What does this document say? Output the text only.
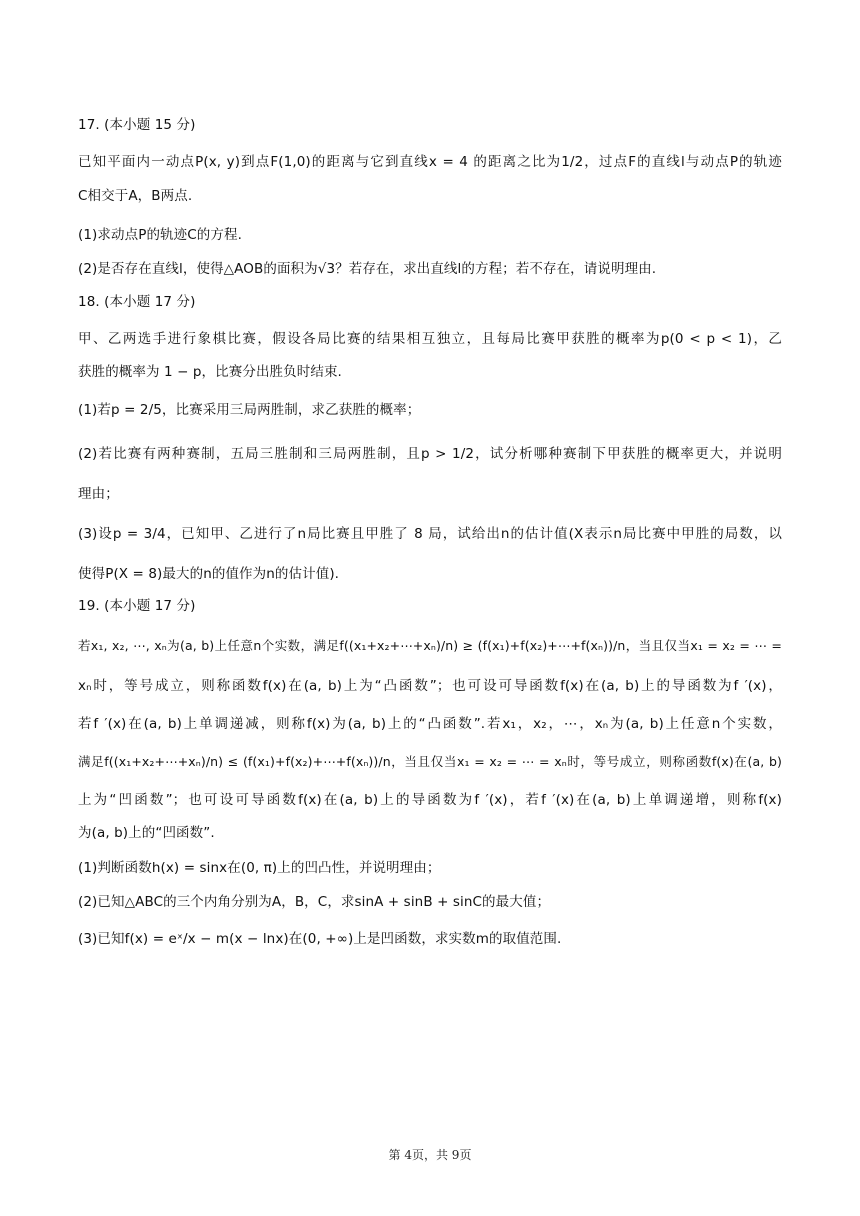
17. (本小题 15 分)
已知平面内一动点P(x, y)到点F(1,0)的距离与它到直线x = 4 的距离之比为1/2，过点F的直线l与动点P的轨迹
C相交于A，B两点.
(1)求动点P的轨迹C的方程.
(2)是否存在直线l，使得△AOB的面积为√3？若存在，求出直线l的方程；若不存在，请说明理由.
18. (本小题 17 分)
甲、乙两选手进行象棋比赛，假设各局比赛的结果相互独立，且每局比赛甲获胜的概率为p(0 < p < 1)，乙
获胜的概率为 1 − p，比赛分出胜负时结束.
(1)若p = 2/5，比赛采用三局两胜制，求乙获胜的概率；
(2)若比赛有两种赛制，五局三胜制和三局两胜制，且p > 1/2，试分析哪种赛制下甲获胜的概率更大，并说明
理由；
(3)设p = 3/4，已知甲、乙进行了n局比赛且甲胜了 8 局，试给出n的估计值(X表示n局比赛中甲胜的局数，以
使得P(X = 8)最大的n的值作为n的估计值).
19. (本小题 17 分)
若x₁, x₂, ⋯, xₙ为(a, b)上任意n个实数，满足f((x₁+x₂+⋯+xₙ)/n) ≥ (f(x₁)+f(x₂)+⋯+f(xₙ))/n，当且仅当x₁ = x₂ = ⋯ =
xₙ时，等号成立，则称函数f(x)在(a, b)上为“凸函数”；也可设可导函数f(x)在(a, b)上的导函数为f ′(x)，
若f ′(x)在(a, b)上单调递减，则称f(x)为(a, b)上的“凸函数”.若x₁，x₂，⋯，xₙ为(a, b)上任意n个实数，
满足f((x₁+x₂+⋯+xₙ)/n) ≤ (f(x₁)+f(x₂)+⋯+f(xₙ))/n，当且仅当x₁ = x₂ = ⋯ = xₙ时，等号成立，则称函数f(x)在(a, b)
上为“凹函数”；也可设可导函数f(x)在(a, b)上的导函数为f ′(x)，若f ′(x)在(a, b)上单调递增，则称f(x)
为(a, b)上的“凹函数”.
(1)判断函数h(x) = sinx在(0, π)上的凹凸性，并说明理由；
(2)已知△ABC的三个内角分别为A，B，C，求sinA + sinB + sinC的最大值；
(3)已知f(x) = eˣ/x − m(x − lnx)在(0, +∞)上是凹函数，求实数m的取值范围.
第 4页，共 9页
